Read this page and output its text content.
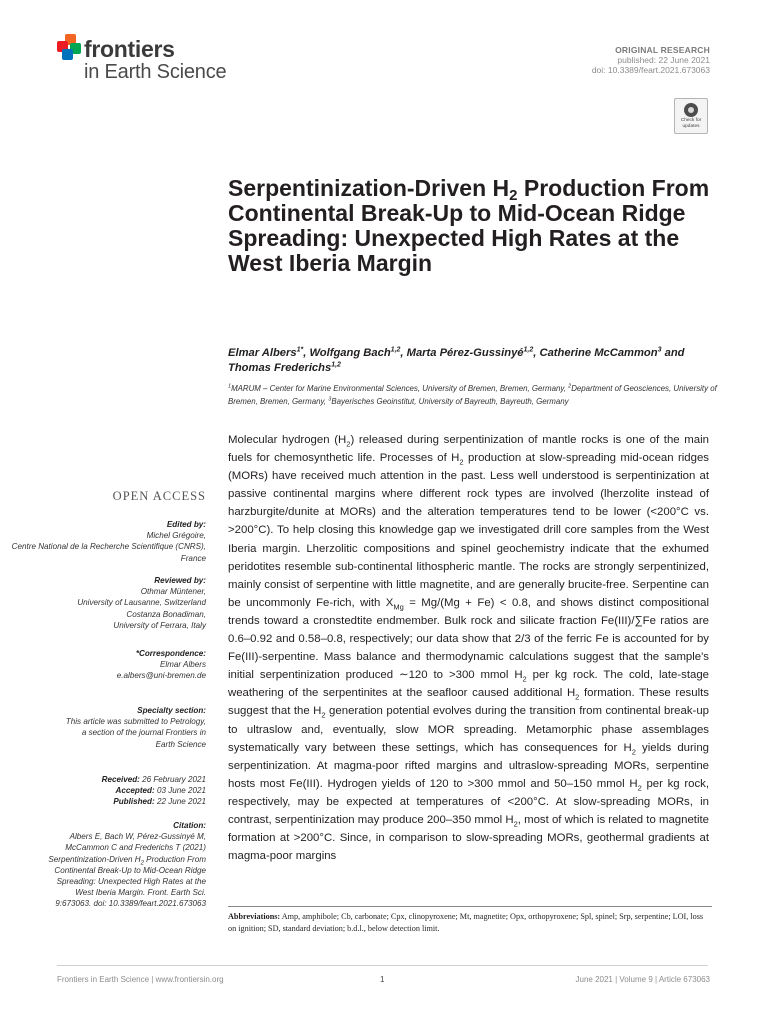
frontiers
in Earth Science
ORIGINAL RESEARCH
published: 22 June 2021
doi: 10.3389/feart.2021.673063
Check for
updates
Serpentinization-Driven $H_2$ Production From Continental Break-Up to Mid-Ocean Ridge Spreading: Unexpected High Rates at the West Iberia Margin
Elmar Albers$^{1*}$, Wolfgang Bach$^{1,2}$, Marta Pérez-Gussinyé$^{1,2}$, Catherine McCammon$^3$ and Thomas Frederichs$^{1,2}$
$^1$MARUM – Center for Marine Environmental Sciences, University of Bremen, Bremen, Germany, $^2$Department of Geosciences, University of Bremen, Bremen, Germany, $^3$Bayerisches Geoinstitut, University of Bayreuth, Bayreuth, Germany
OPEN ACCESS
Edited by:
Michel Grégoire,
Centre National de la Recherche Scientifique (CNRS), France
Reviewed by:
Othmar Müntener,
University of Lausanne, Switzerland
Costanza Bonadiman,
University of Ferrara, Italy
*Correspondence:
Elmar Albers
e.albers@uni-bremen.de
Specialty section:
This article was submitted to Petrology, a section of the journal Frontiers in Earth Science
Received: 26 February 2021
Accepted: 03 June 2021
Published: 22 June 2021
Citation:
Albers E, Bach W, Pérez-Gussinyé M, McCammon C and Frederichs T (2021) Serpentinization-Driven $H_2$ Production From Continental Break-Up to Mid-Ocean Ridge Spreading: Unexpected High Rates at the West Iberia Margin. Front. Earth Sci. 9:673063. doi: 10.3389/feart.2021.673063
Molecular hydrogen $(H_2)$ released during serpentinization of mantle rocks is one of the main fuels for chemosynthetic life. Processes of $H_2$ production at slow-spreading mid-ocean ridges (MORs) have received much attention in the past. Less well understood is serpentinization at passive continental margins where different rock types are involved (lherzolite instead of harzburgite/dunite at MORs) and the alteration temperatures tend to be lower (<200°C vs. >200°C). To help closing this knowledge gap we investigated drill core samples from the West Iberia margin. Lherzolitic compositions and spinel geochemistry indicate that the exhumed peridotites resemble sub-continental lithospheric mantle. The rocks are strongly serpentinized, mainly consist of serpentine with little magnetite, and are generally brucite-free. Serpentine can be uncommonly Fe-rich, with $X_{Mg} = Mg/(Mg + Fe) < 0.8$, and shows distinct compositional trends toward a cronstedtite endmember. Bulk rock and silicate fraction Fe(III)/∑Fe ratios are 0.6–0.92 and 0.58–0.8, respectively; our data show that 2/3 of the ferric Fe is accounted for by Fe(III)-serpentine. Mass balance and thermodynamic calculations suggest that the sample's initial serpentinization produced ∼120 to >300 mmol $H_2$ per kg rock. The cold, late-stage weathering of the serpentinites at the seafloor caused additional $H_2$ formation. These results suggest that the $H_2$ generation potential evolves during the transition from continental break-up to ultraslow and, eventually, slow MOR spreading. Metamorphic phase assemblages systematically vary between these settings, which has consequences for $H_2$ yields during serpentinization. At magma-poor rifted margins and ultraslow-spreading MORs, serpentine hosts most Fe(III). Hydrogen yields of 120 to >300 mmol and 50–150 mmol $H_2$ per kg rock, respectively, may be expected at temperatures of <200°C. At slow-spreading MORs, in contrast, serpentinization may produce 200–350 mmol $H_2$, most of which is related to magnetite formation at >200°C. Since, in comparison to slow-spreading MORs, geothermal gradients at magma-poor margins
Abbreviations: Amp, amphibole; Cb, carbonate; Cpx, clinopyroxene; Mt, magnetite; Opx, orthopyroxene; Spl, spinel; Srp, serpentine; LOI, loss on ignition; SD, standard deviation; b.d.l., below detection limit.
Frontiers in Earth Science | www.frontiersin.org	1	June 2021 | Volume 9 | Article 673063
